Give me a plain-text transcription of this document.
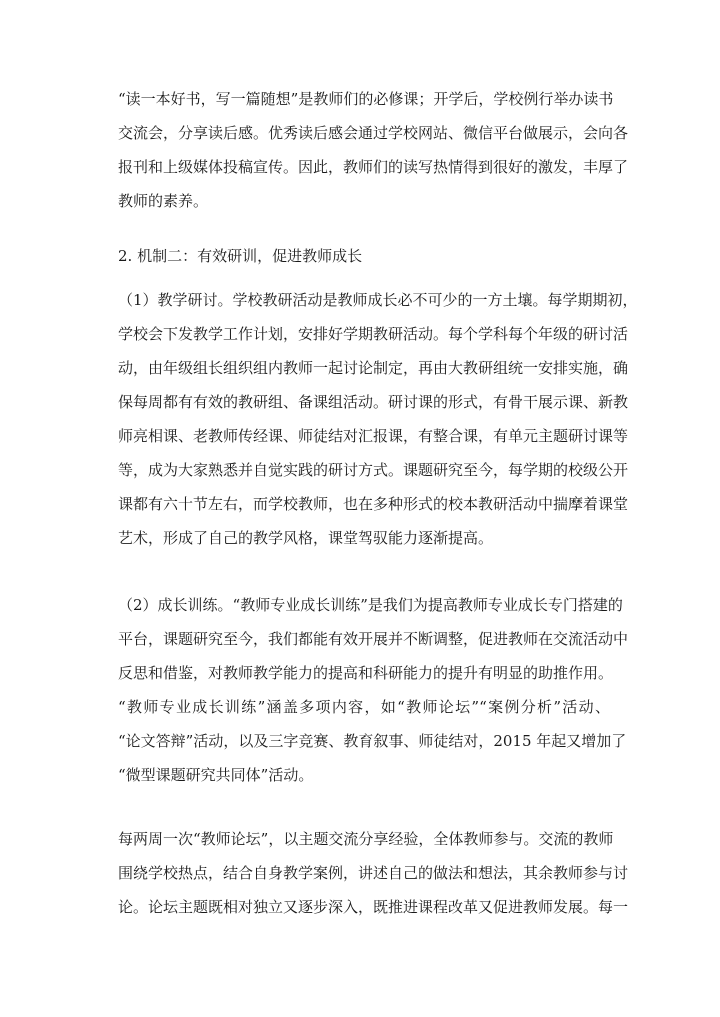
“读一本好书，写一篇随想”是教师们的必修课；开学后，学校例行举办读书
交流会，分享读后感。优秀读后感会通过学校网站、微信平台做展示，会向各
报刊和上级媒体投稿宣传。因此，教师们的读写热情得到很好的激发，丰厚了
教师的素养。

2. 机制二：有效研训，促进教师成长

（1）教学研讨。学校教研活动是教师成长必不可少的一方土壤。每学期期初，
学校会下发教学工作计划，安排好学期教研活动。每个学科每个年级的研讨活
动，由年级组长组织组内教师一起讨论制定，再由大教研组统一安排实施，确
保每周都有有效的教研组、备课组活动。研讨课的形式，有骨干展示课、新教
师亮相课、老教师传经课、师徒结对汇报课，有整合课，有单元主题研讨课等
等，成为大家熟悉并自觉实践的研讨方式。课题研究至今，每学期的校级公开
课都有六十节左右，而学校教师，也在多种形式的校本教研活动中揣摩着课堂
艺术，形成了自己的教学风格，课堂驾驭能力逐渐提高。

（2）成长训练。“教师专业成长训练”是我们为提高教师专业成长专门搭建的
平台，课题研究至今，我们都能有效开展并不断调整，促进教师在交流活动中
反思和借鉴，对教师教学能力的提高和科研能力的提升有明显的助推作用。
“教师专业成长训练”涵盖多项内容，如“教师论坛”“案例分析”活动、
“论文答辩”活动，以及三字竞赛、教育叙事、师徒结对，2015 年起又增加了
“微型课题研究共同体”活动。

每两周一次“教师论坛”，以主题交流分享经验，全体教师参与。交流的教师
围绕学校热点，结合自身教学案例，讲述自己的做法和想法，其余教师参与讨
论。论坛主题既相对独立又逐步深入，既推进课程改革又促进教师发展。每一
